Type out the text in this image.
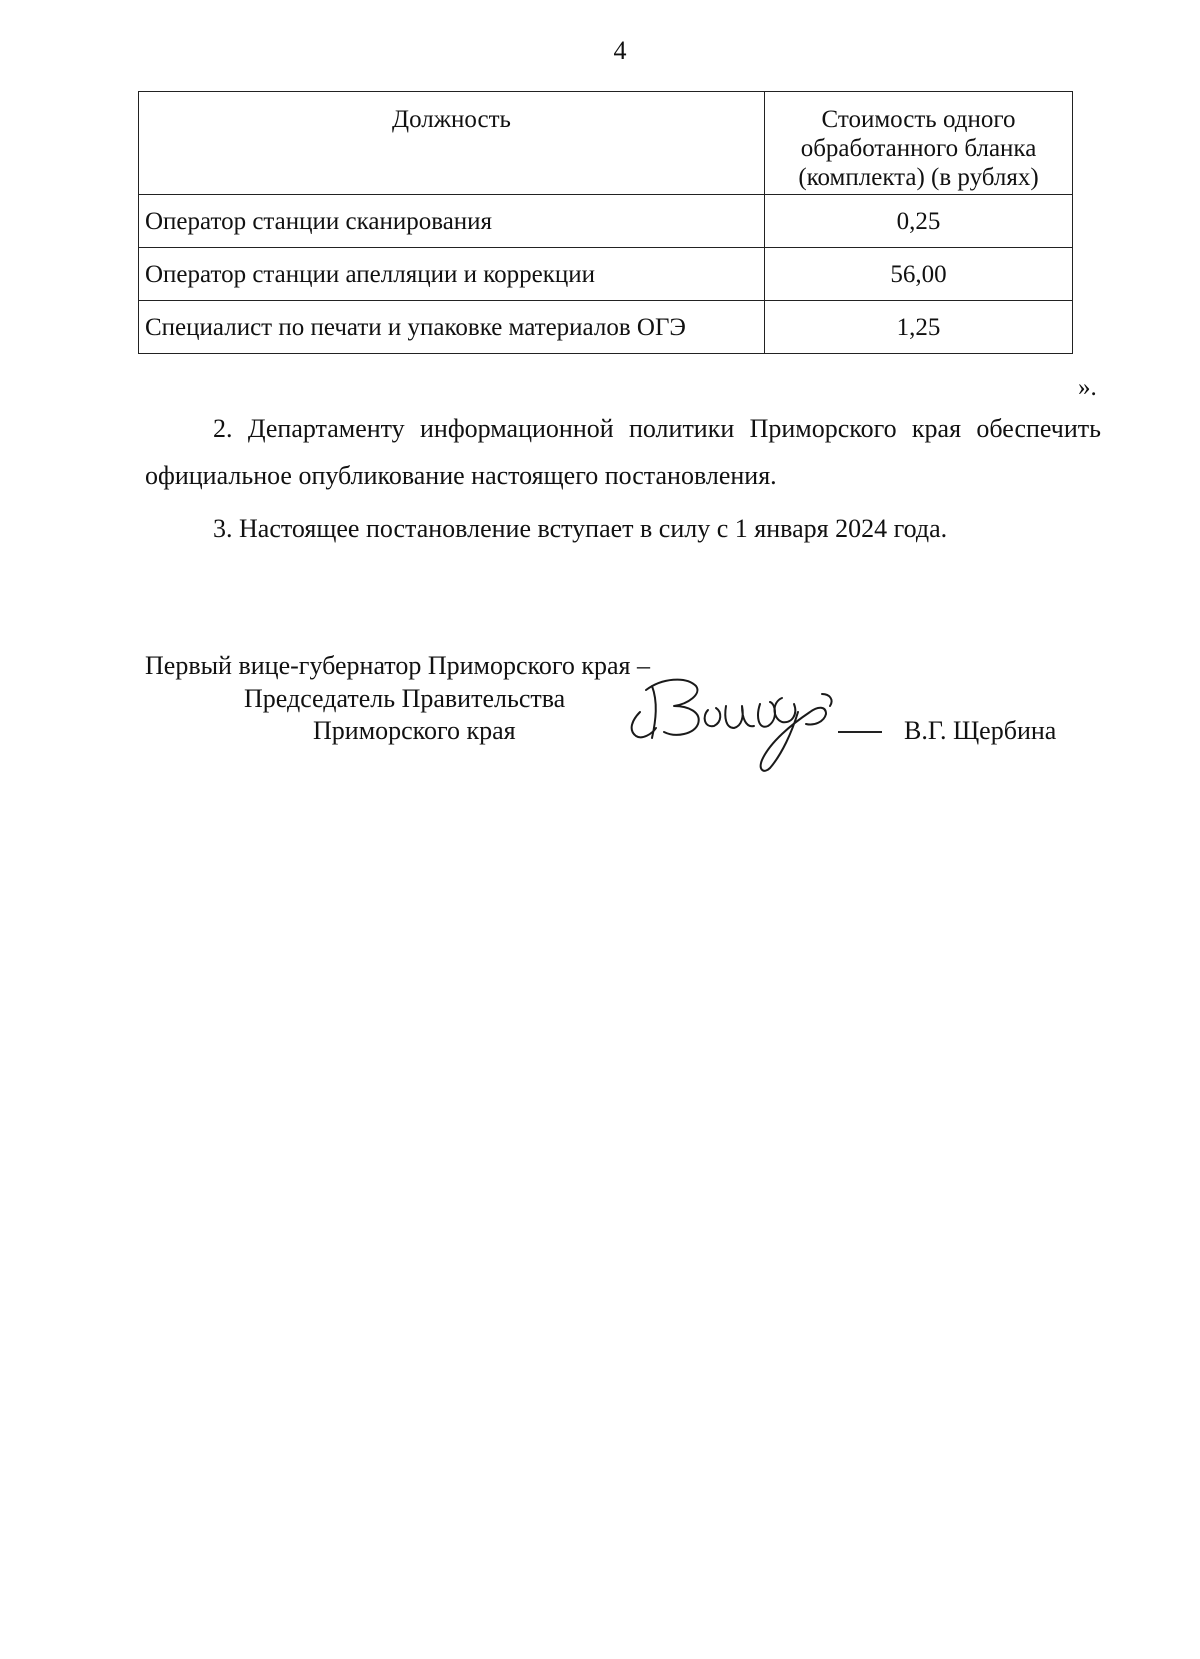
4
Должность	Стоимость одного
обработанного бланка
(комплекта) (в рублях)

Оператор станции сканирования	0,25
Оператор станции апелляции и коррекции	56,00
Специалист по печати и упаковке материалов ОГЭ	1,25
».
2. Департаменту информационной политики Приморского края обеспечить официальное опубликование настоящего постановления.
3. Настоящее постановление вступает в силу с 1 января 2024 года.
Первый вице-губернатор Приморского края –
Председатель Правительства
Приморского края	В.Г. Щербина
